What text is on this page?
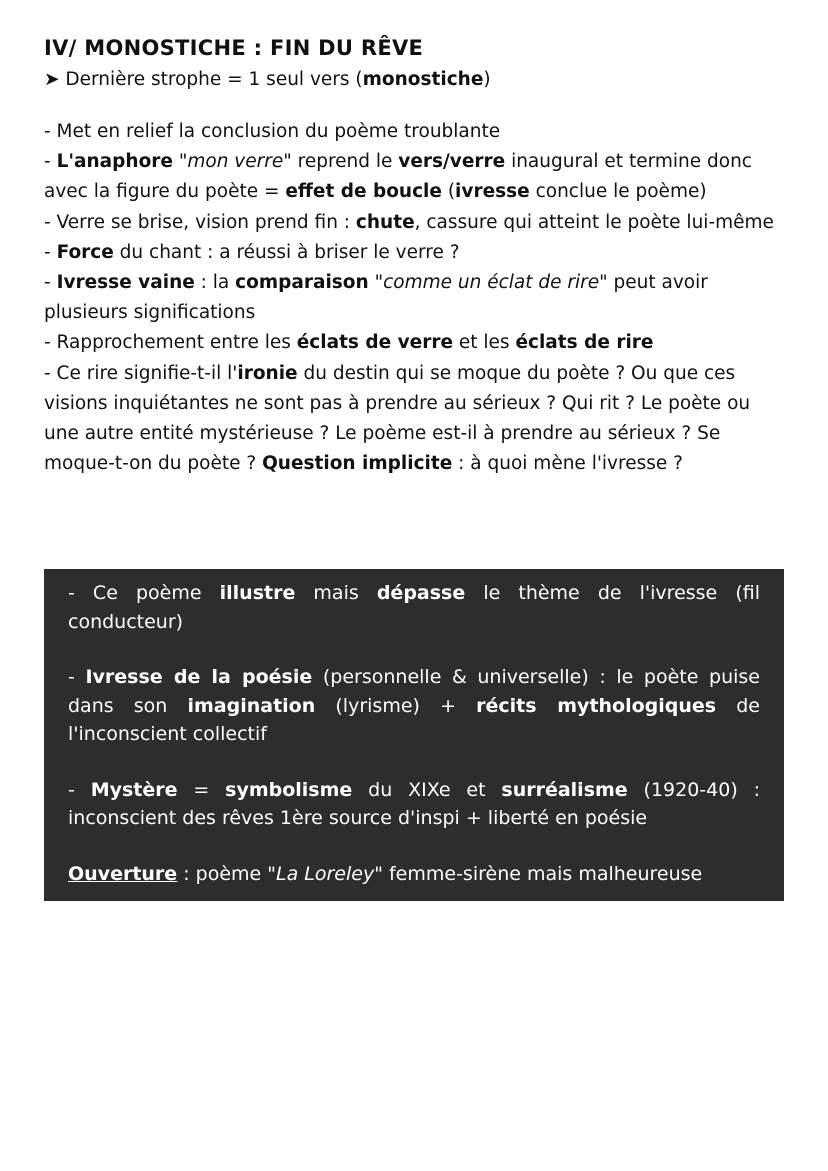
IV/ MONOSTICHE : FIN DU RÊVE

➤ Dernière strophe = 1 seul vers (monostiche)

- Met en relief la conclusion du poème troublante

- L'anaphore "mon verre" reprend le vers/verre inaugural et termine donc avec la figure du poète = effet de boucle (ivresse conclue le poème)

- Verre se brise, vision prend fin : chute, cassure qui atteint le poète lui-même

- Force du chant : a réussi à briser le verre ?

- Ivresse vaine : la comparaison "comme un éclat de rire" peut avoir plusieurs significations

- Rapprochement entre les éclats de verre et les éclats de rire

- Ce rire signifie-t-il l'ironie du destin qui se moque du poète ? Ou que ces visions inquiétantes ne sont pas à prendre au sérieux ? Qui rit ? Le poète ou une autre entité mystérieuse ? Le poème est-il à prendre au sérieux ? Se moque-t-on du poète ? Question implicite : à quoi mène l'ivresse ?

- Ce poème illustre mais dépasse le thème de l'ivresse (fil conducteur)

- Ivresse de la poésie (personnelle & universelle) : le poète puise dans son imagination (lyrisme) + récits mythologiques de l'inconscient collectif

- Mystère = symbolisme du XIXe et surréalisme (1920-40) : inconscient des rêves 1ère source d'inspi + liberté en poésie

Ouverture : poème "La Loreley" femme-sirène mais malheureuse
